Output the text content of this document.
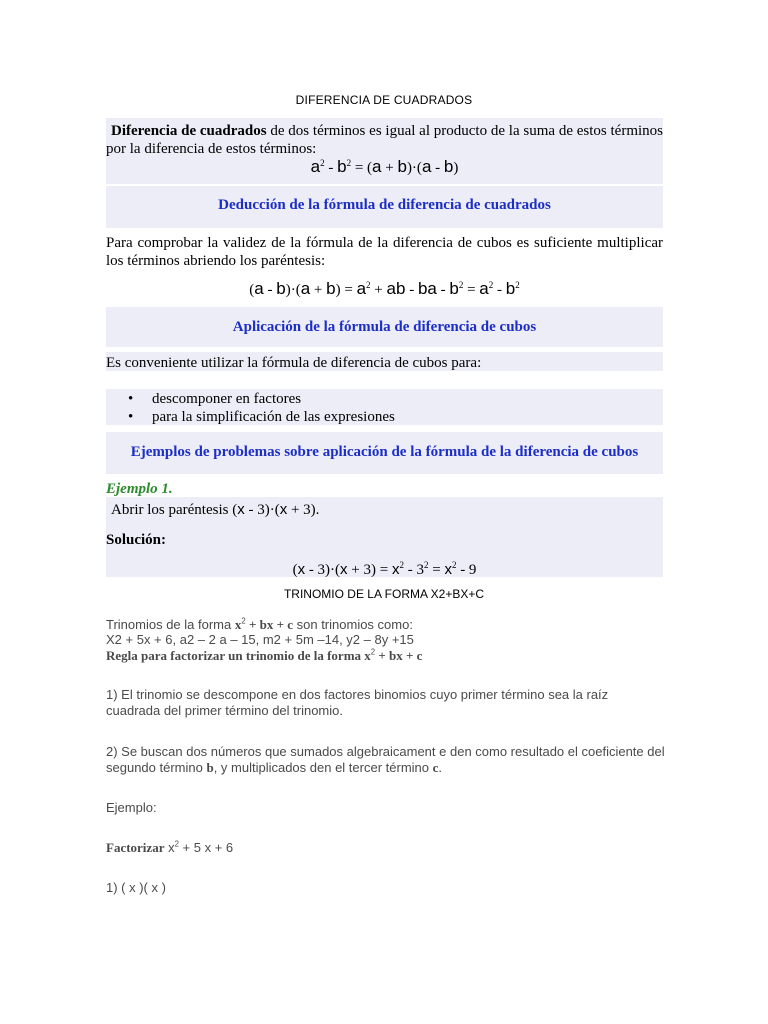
DIFERENCIA DE CUADRADOS
Diferencia de cuadrados de dos términos es igual al producto de la suma de estos términos por la diferencia de estos términos:
$a^2 - b^2 = (a + b)\cdot(a - b)$
Deducción de la fórmula de diferencia de cuadrados
Para comprobar la validez de la fórmula de la diferencia de cubos es suficiente multiplicar los términos abriendo los paréntesis:
$(a - b)\cdot(a + b) = a^2$ + ab - ba - $b^2 = a^2 - b^2$
Aplicación de la fórmula de diferencia de cubos
Es conveniente utilizar la fórmula de diferencia de cubos para:
• descomponer en factores
• para la simplificación de las expresiones
Ejemplos de problemas sobre aplicación de la fórmula de la diferencia de cubos
Ejemplo 1.
Abrir los paréntesis (x - 3)·(x + 3).
Solución:
$(x - 3)\cdot(x + 3) = x^2 - 3^2 = x^2 - 9$
TRINOMIO DE LA FORMA X2+BX+C
Trinomios de la forma $x^2$ + bx + c son trinomios como:
X2 + 5x + 6, a2 – 2 a – 15, m2 + 5m –14, y2 – 8y +15
Regla para factorizar un trinomio de la forma $x^2$ + bx + c
1) El trinomio se descompone en dos factores binomios cuyo primer término sea la raíz cuadrada del primer término del trinomio.
2) Se buscan dos números que sumados algebraicament e den como resultado el coeficiente del segundo término b, y multiplicados den el tercer término c.
Ejemplo:
Factorizar $x^2 + 5$ x + 6
1) ( x )( x )
